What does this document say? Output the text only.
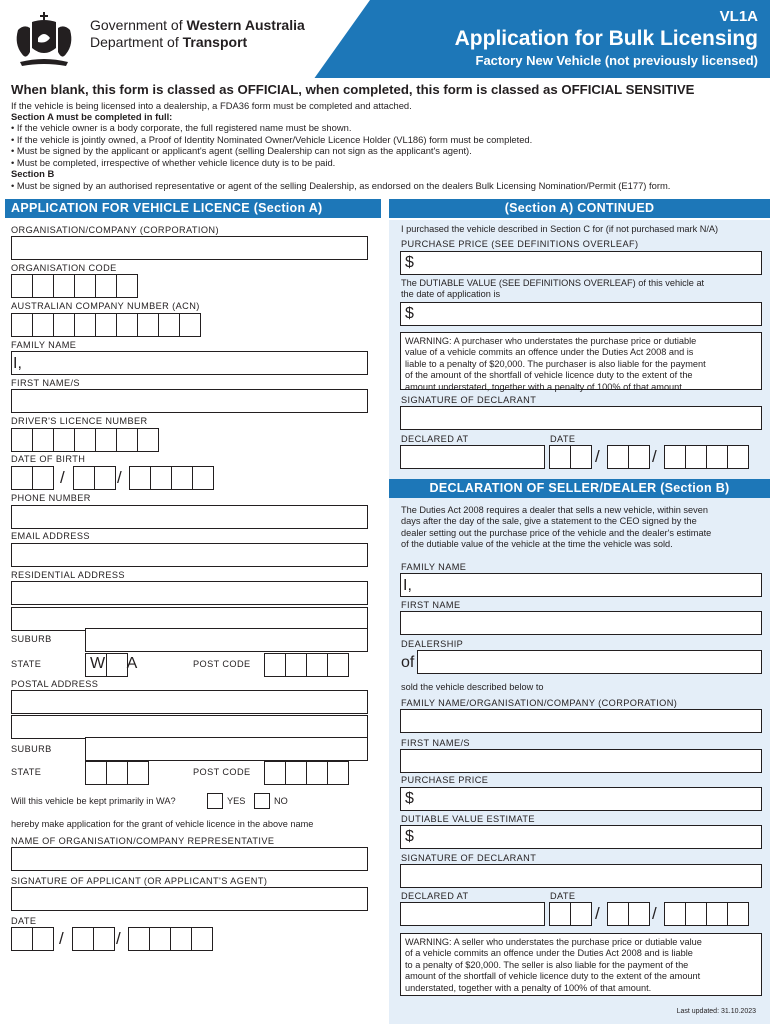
Government of Western Australia
Department of Transport
VL1A
Application for Bulk Licensing
Factory New Vehicle (not previously licensed)
When blank, this form is classed as OFFICIAL, when completed, this form is classed as OFFICIAL SENSITIVE
If the vehicle is being licensed into a dealership, a FDA36 form must be completed and attached.
Section A must be completed in full:
• If the vehicle owner is a body corporate, the full registered name must be shown.
• If the vehicle is jointly owned, a Proof of Identity Nominated Owner/Vehicle Licence Holder (VL186) form must be completed.
• Must be signed by the applicant or applicant's agent (selling Dealership can not sign as the applicant's agent).
• Must be completed, irrespective of whether vehicle licence duty is to be paid.
Section B
• Must be signed by an authorised representative or agent of the selling Dealership, as endorsed on the dealers Bulk Licensing Nomination/Permit (E177) form.
APPLICATION FOR VEHICLE LICENCE (Section A)
ORGANISATION/COMPANY (CORPORATION)
ORGANISATION CODE
AUSTRALIAN COMPANY NUMBER (ACN)
FAMILY NAME
I,
FIRST NAME/S
DRIVER'S LICENCE NUMBER
DATE OF BIRTH
/	/
PHONE NUMBER
EMAIL ADDRESS
RESIDENTIAL ADDRESS
SUBURB
STATE	W A	POST CODE
POSTAL ADDRESS
SUBURB
STATE	POST CODE
Will this vehicle be kept primarily in WA?	YES	NO
hereby make application for the grant of vehicle licence in the above name
NAME OF ORGANISATION/COMPANY REPRESENTATIVE
SIGNATURE OF APPLICANT (OR APPLICANT'S AGENT)
DATE
/	/
(Section A) CONTINUED
I purchased the vehicle described in Section C for (if not purchased mark N/A)
PURCHASE PRICE (SEE DEFINITIONS OVERLEAF)
$
The DUTIABLE VALUE (SEE DEFINITIONS OVERLEAF) of this vehicle at
the date of application is
$
WARNING: A purchaser who understates the purchase price or dutiable
value of a vehicle commits an offence under the Duties Act 2008 and is
liable to a penalty of $20,000. The purchaser is also liable for the payment
of the amount of the shortfall of vehicle licence duty to the extent of the
amount understated, together with a penalty of 100% of that amount.
SIGNATURE OF DECLARANT
DECLARED AT	DATE
/	/
DECLARATION OF SELLER/DEALER (Section B)
The Duties Act 2008 requires a dealer that sells a new vehicle, within seven
days after the day of the sale, give a statement to the CEO signed by the
dealer setting out the purchase price of the vehicle and the dealer's estimate
of the dutiable value of the vehicle at the time the vehicle was sold.
FAMILY NAME
I,
FIRST NAME
DEALERSHIP
of
sold the vehicle described below to
FAMILY NAME/ORGANISATION/COMPANY (CORPORATION)
FIRST NAME/S
PURCHASE PRICE
$
DUTIABLE VALUE ESTIMATE
$
SIGNATURE OF DECLARANT
DECLARED AT	DATE
/	/
WARNING: A seller who understates the purchase price or dutiable value
of a vehicle commits an offence under the Duties Act 2008 and is liable
to a penalty of $20,000. The seller is also liable for the payment of the
amount of the shortfall of vehicle licence duty to the extent of the amount
understated, together with a penalty of 100% of that amount.
Last updated: 31.10.2023
